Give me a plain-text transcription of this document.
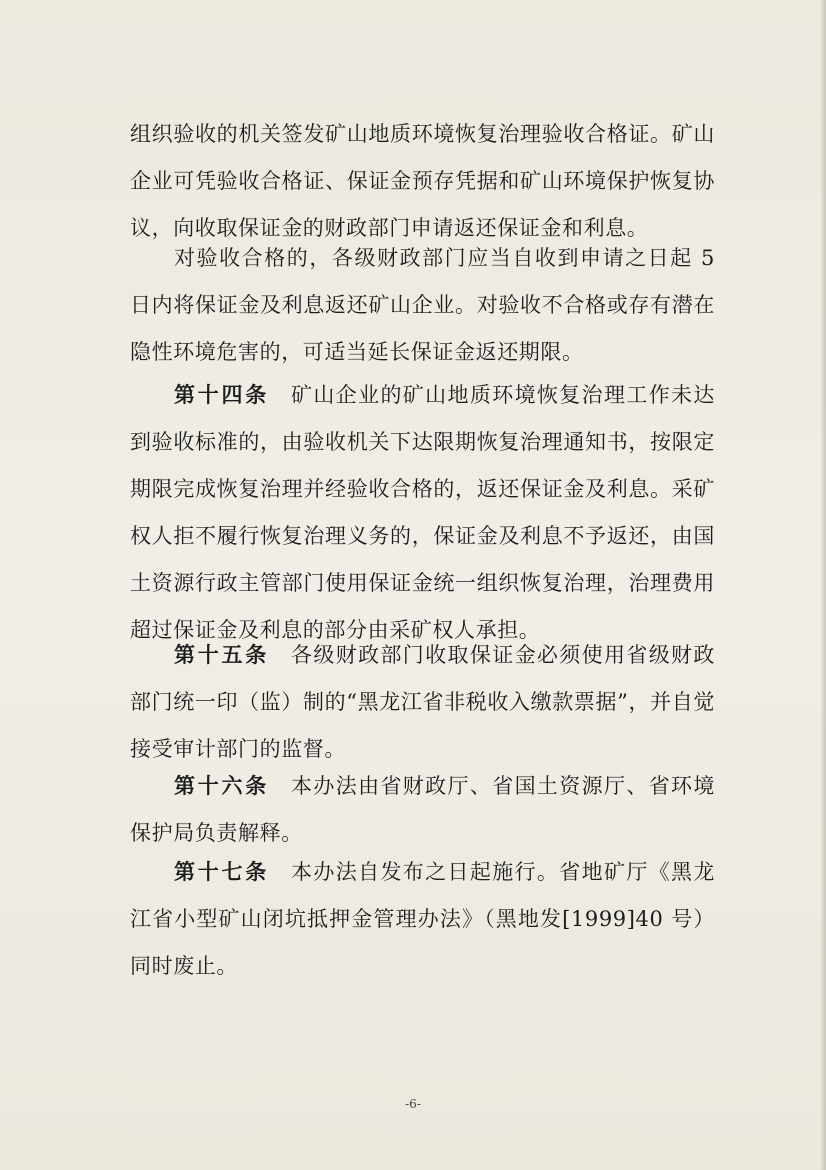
组织验收的机关签发矿山地质环境恢复治理验收合格证。矿山企业可凭验收合格证、保证金预存凭据和矿山环境保护恢复协议，向收取保证金的财政部门申请返还保证金和利息。

对验收合格的，各级财政部门应当自收到申请之日起 5 日内将保证金及利息返还矿山企业。对验收不合格或存有潜在隐性环境危害的，可适当延长保证金返还期限。

第十四条 矿山企业的矿山地质环境恢复治理工作未达到验收标准的，由验收机关下达限期恢复治理通知书，按限定期限完成恢复治理并经验收合格的，返还保证金及利息。采矿权人拒不履行恢复治理义务的，保证金及利息不予返还，由国土资源行政主管部门使用保证金统一组织恢复治理，治理费用超过保证金及利息的部分由采矿权人承担。

第十五条 各级财政部门收取保证金必须使用省级财政部门统一印（监）制的“黑龙江省非税收入缴款票据”，并自觉接受审计部门的监督。

第十六条 本办法由省财政厅、省国土资源厅、省环境保护局负责解释。

第十七条 本办法自发布之日起施行。省地矿厅《黑龙江省小型矿山闭坑抵押金管理办法》（黑地发[1999]40 号）同时废止。

-6-
